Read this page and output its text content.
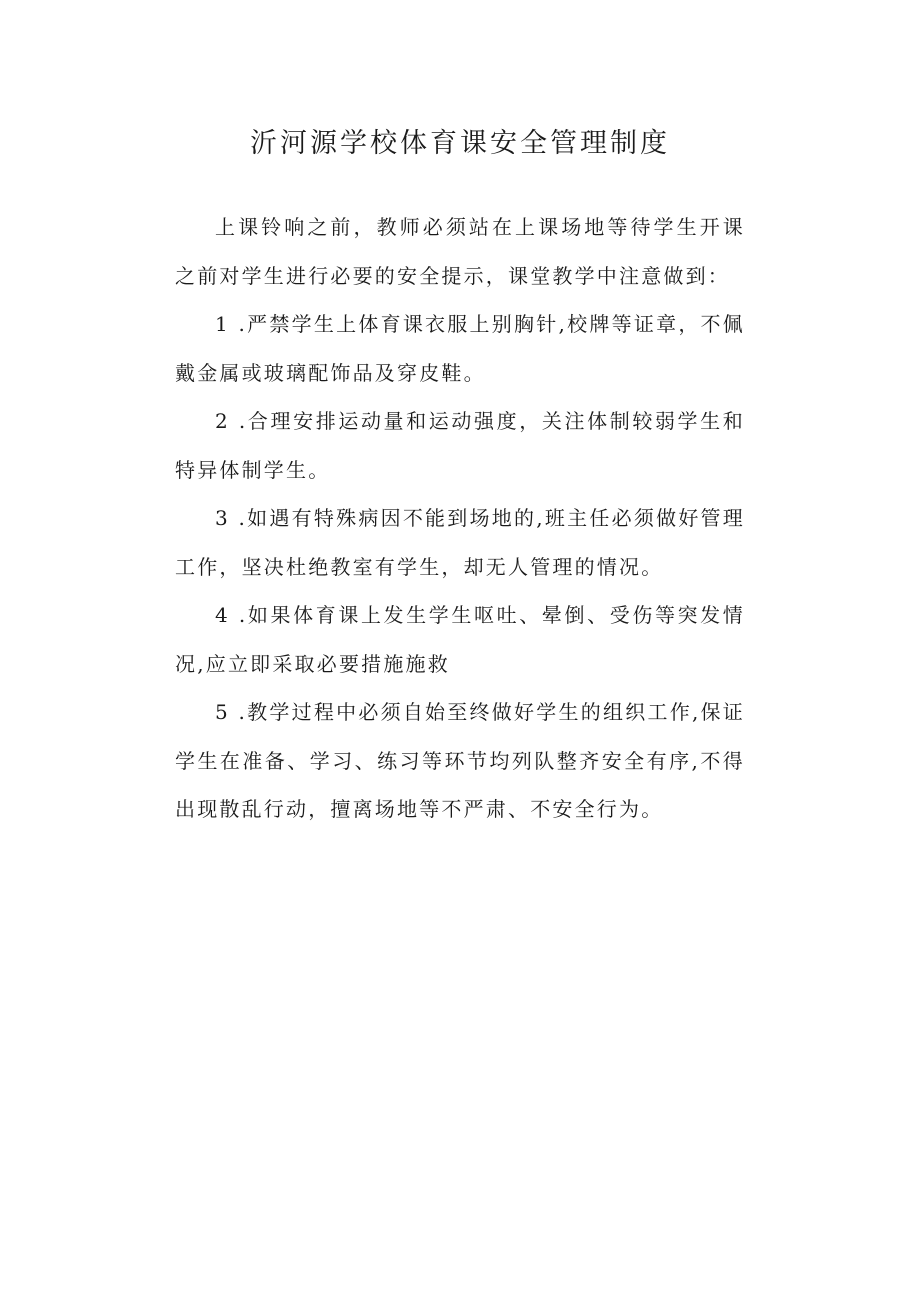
沂河源学校体育课安全管理制度

上课铃响之前，教师必须站在上课场地等待学生开课之前对学生进行必要的安全提示，课堂教学中注意做到：

1 .严禁学生上体育课衣服上别胸针,校牌等证章，不佩戴金属或玻璃配饰品及穿皮鞋。

2 .合理安排运动量和运动强度，关注体制较弱学生和特异体制学生。

3 .如遇有特殊病因不能到场地的,班主任必须做好管理工作，坚决杜绝教室有学生，却无人管理的情况。

4 .如果体育课上发生学生呕吐、晕倒、受伤等突发情况,应立即采取必要措施施救

5 .教学过程中必须自始至终做好学生的组织工作,保证学生在准备、学习、练习等环节均列队整齐安全有序,不得出现散乱行动，擅离场地等不严肃、不安全行为。
